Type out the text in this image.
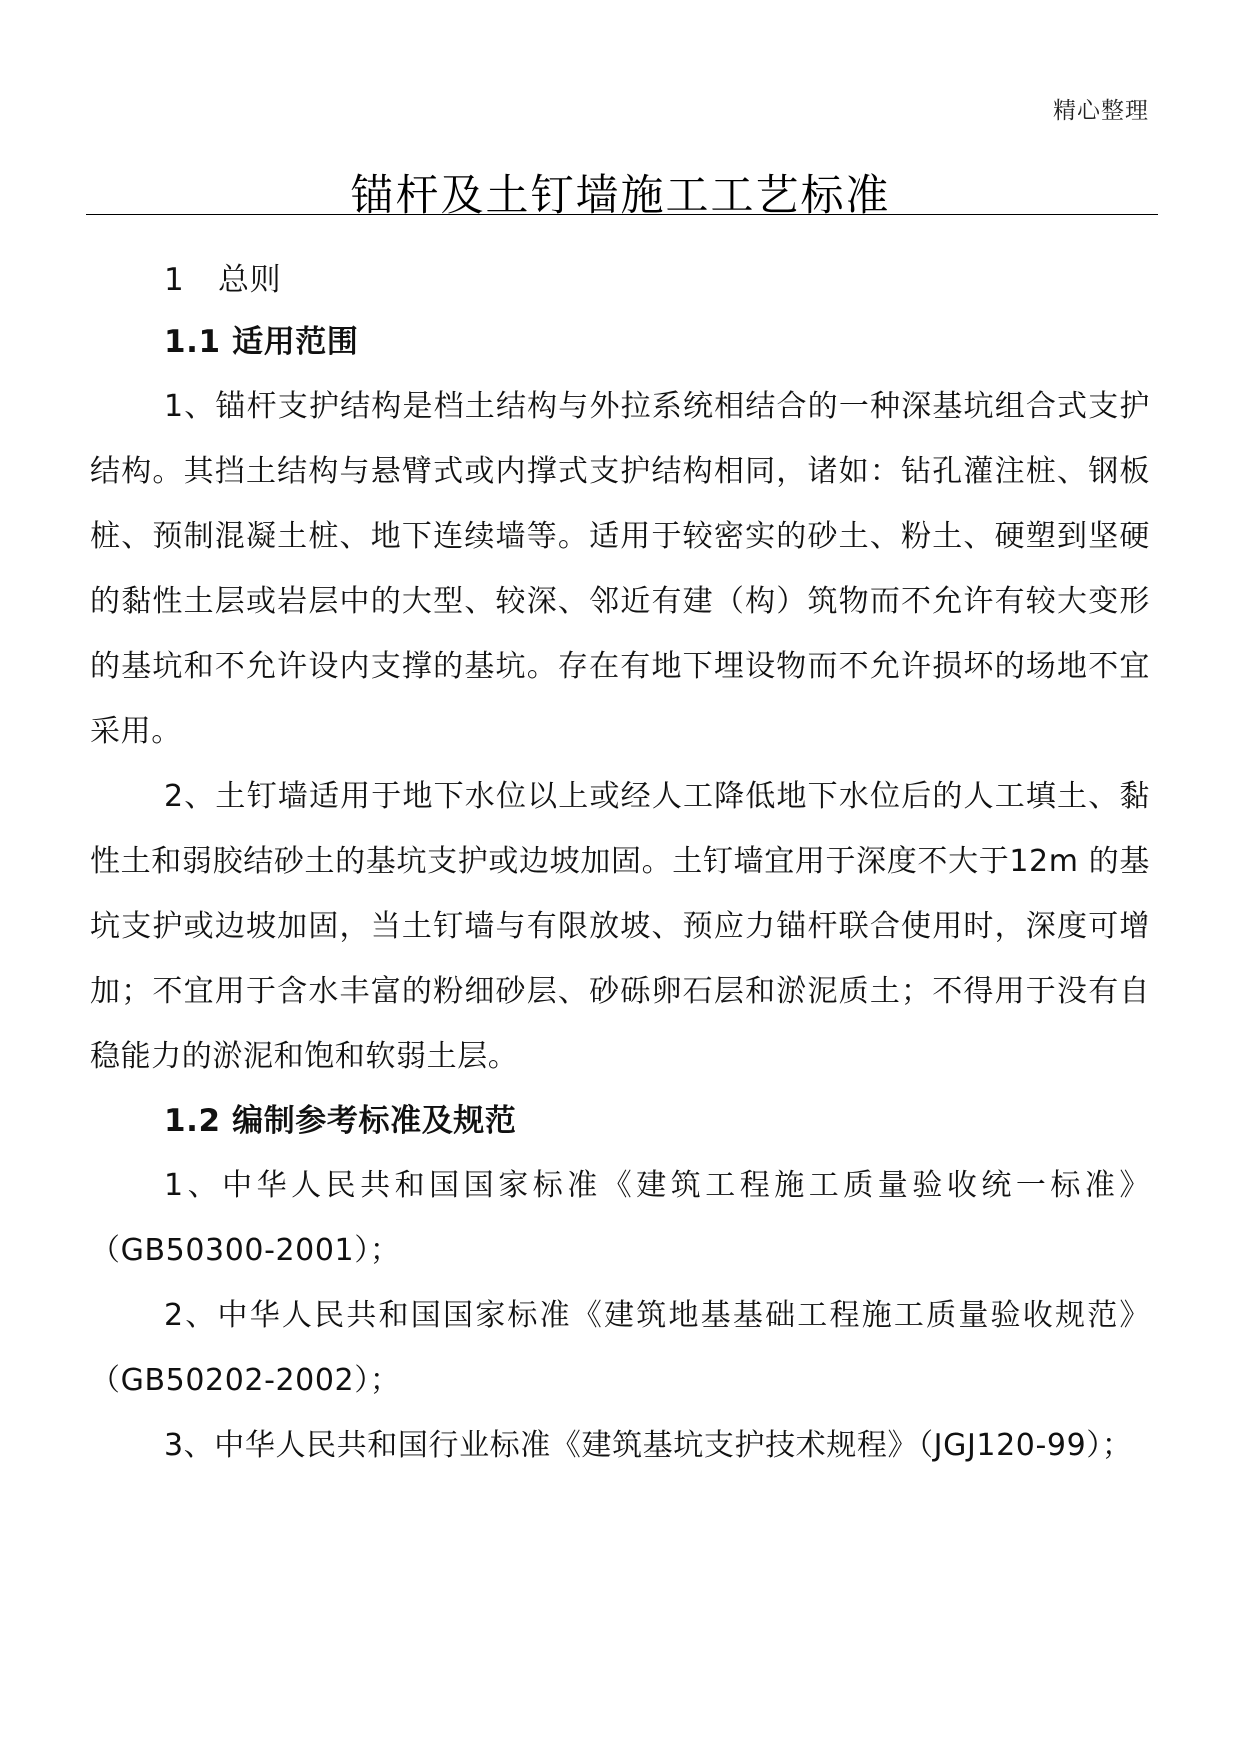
精心整理
锚杆及土钉墙施工工艺标准
1 总则
1.1 适用范围

1、锚杆支护结构是档土结构与外拉系统相结合的一种深基坑组合式支护结构。其挡土结构与悬臂式或内撑式支护结构相同，诸如：钻孔灌注桩、钢板桩、预制混凝土桩、地下连续墙等。适用于较密实的砂土、粉土、硬塑到坚硬的黏性土层或岩层中的大型、较深、邻近有建（构）筑物而不允许有较大变形的基坑和不允许设内支撑的基坑。存在有地下埋设物而不允许损坏的场地不宜采用。

2、土钉墙适用于地下水位以上或经人工降低地下水位后的人工填土、黏性土和弱胶结砂土的基坑支护或边坡加固。土钉墙宜用于深度不大于12m 的基坑支护或边坡加固，当土钉墙与有限放坡、预应力锚杆联合使用时，深度可增加；不宜用于含水丰富的粉细砂层、砂砾卵石层和淤泥质土；不得用于没有自稳能力的淤泥和饱和软弱土层。

1.2 编制参考标准及规范

1、中华人民共和国国家标准《建筑工程施工质量验收统一标准》（GB50300-2001）；

2、中华人民共和国国家标准《建筑地基基础工程施工质量验收规范》（GB50202-2002）；

3、中华人民共和国行业标准《建筑基坑支护技术规程》（JGJ120-99）；
